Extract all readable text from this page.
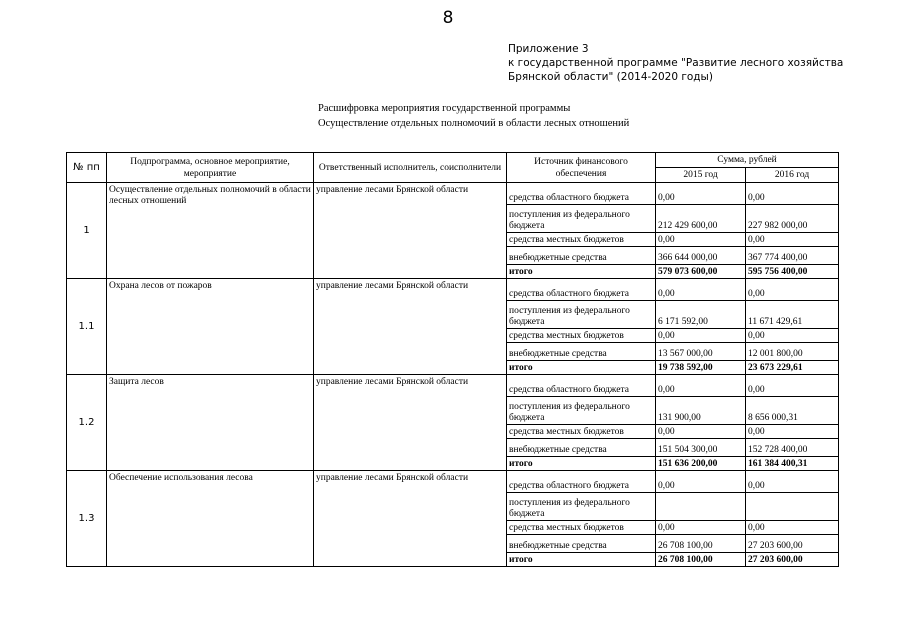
8
Приложение 3
к государственной программе "Развитие лесного хозяйства
Брянской области" (2014-2020 годы)
Расшифровка мероприятия государственной программы
Осуществление отдельных полномочий в области лесных отношений
№ пп	Подпрограмма, основное мероприятие, мероприятие	Ответственный исполнитель, соисполнители	Источник финансового обеспечения	Сумма, рублей	
				2015 год	2016 год
1	Осуществление отдельных полномочий в области лесных отношений	управление лесами Брянской области	средства областного бюджета	0,00	0,00
			поступления из федерального бюджета	212 429 600,00	227 982 000,00
			средства местных бюджетов	0,00	0,00
			внебюджетные средства	366 644 000,00	367 774 400,00
			итого	579 073 600,00	595 756 400,00
1.1	Охрана лесов от пожаров	управление лесами Брянской области	средства областного бюджета	0,00	0,00
			поступления из федерального бюджета	6 171 592,00	11 671 429,61
			средства местных бюджетов	0,00	0,00
			внебюджетные средства	13 567 000,00	12 001 800,00
			итого	19 738 592,00	23 673 229,61
1.2	Защита лесов	управление лесами Брянской области	средства областного бюджета	0,00	0,00
			поступления из федерального бюджета	131 900,00	8 656 000,31
			средства местных бюджетов	0,00	0,00
			внебюджетные средства	151 504 300,00	152 728 400,00
			итого	151 636 200,00	161 384 400,31
1.3	Обеспечение использования лесова	управление лесами Брянской области	средства областного бюджета	0,00	0,00
			поступления из федерального бюджета		
			средства местных бюджетов	0,00	0,00
			внебюджетные средства	26 708 100,00	27 203 600,00
			итого	26 708 100,00	27 203 600,00
